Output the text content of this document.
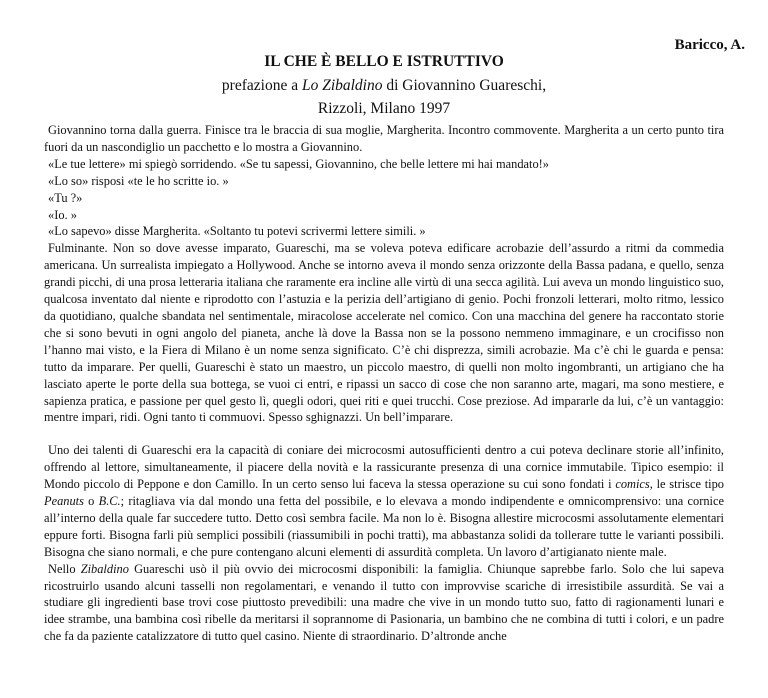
Baricco, A.

IL CHE È BELLO E ISTRUTTIVO

prefazione a Lo Zibaldino di Giovannino Guareschi,

Rizzoli, Milano 1997

Giovannino torna dalla guerra. Finisce tra le braccia di sua moglie, Margherita. Incontro commovente. Margherita a un certo punto tira fuori da un nascondiglio un pacchetto e lo mostra a Giovannino.

«Le tue lettere» mi spiegò sorridendo. «Se tu sapessi, Giovannino, che belle lettere mi hai mandato!»

«Lo so» risposi «te le ho scritte io. »

«Tu ?»

«Io. »

«Lo sapevo» disse Margherita. «Soltanto tu potevi scrivermi lettere simili. »

Fulminante. Non so dove avesse imparato, Guareschi, ma se voleva poteva edificare acrobazie dell’assurdo a ritmi da commedia americana. Un surrealista impiegato a Hollywood. Anche se intorno aveva il mondo senza orizzonte della Bassa padana, e quello, senza grandi picchi, di una prosa letteraria italiana che raramente era incline alle virtù di una secca agilità. Lui aveva un mondo linguistico suo, qualcosa inventato dal niente e riprodotto con l’astuzia e la perizia dell’artigiano di genio. Pochi fronzoli letterari, molto ritmo, lessico da quotidiano, qualche sbandata nel sentimentale, miracolose accelerate nel comico. Con una macchina del genere ha raccontato storie che si sono bevuti in ogni angolo del pianeta, anche là dove la Bassa non se la possono nemmeno immaginare, e un crocifisso non l’hanno mai visto, e la Fiera di Milano è un nome senza significato. C’è chi disprezza, simili acrobazie. Ma c’è chi le guarda e pensa: tutto da imparare. Per quelli, Guareschi è stato un maestro, un piccolo maestro, di quelli non molto ingombranti, un artigiano che ha lasciato aperte le porte della sua bottega, se vuoi ci entri, e ripassi un sacco di cose che non saranno arte, magari, ma sono mestiere, e sapienza pratica, e passione per quel gesto lì, quegli odori, quei riti e quei trucchi. Cose preziose. Ad impararle da lui, c’è un vantaggio: mentre impari, ridi. Ogni tanto ti commuovi. Spesso sghignazzi. Un bell’imparare.

Uno dei talenti di Guareschi era la capacità di coniare dei microcosmi autosufficienti dentro a cui poteva declinare storie all’infinito, offrendo al lettore, simultaneamente, il piacere della novità e la rassicurante presenza di una cornice immutabile. Tipico esempio: il Mondo piccolo di Peppone e don Camillo. In un certo senso lui faceva la stessa operazione su cui sono fondati i comics, le strisce tipo Peanuts o B.C.; ritagliava via dal mondo una fetta del possibile, e lo elevava a mondo indipendente e omnicomprensivo: una cornice all’interno della quale far succedere tutto. Detto così sembra facile. Ma non lo è. Bisogna allestire microcosmi assolutamente elementari eppure forti. Bisogna farli più semplici possibili (riassumibili in pochi tratti), ma abbastanza solidi da tollerare tutte le varianti possibili. Bisogna che siano normali, e che pure contengano alcuni elementi di assurdità completa. Un lavoro d’artigianato niente male.

Nello Zibaldino Guareschi usò il più ovvio dei microcosmi disponibili: la famiglia. Chiunque saprebbe farlo. Solo che lui sapeva ricostruirlo usando alcuni tasselli non regolamentari, e venando il tutto con improvvise scariche di irresistibile assurdità. Se vai a studiare gli ingredienti base trovi cose piuttosto prevedibili: una madre che vive in un mondo tutto suo, fatto di ragionamenti lunari e idee strambe, una bambina così ribelle da meritarsi il soprannome di Pasionaria, un bambino che ne combina di tutti i colori, e un padre che fa da paziente catalizzatore di tutto quel casino. Niente di straordinario. D’altronde anche
